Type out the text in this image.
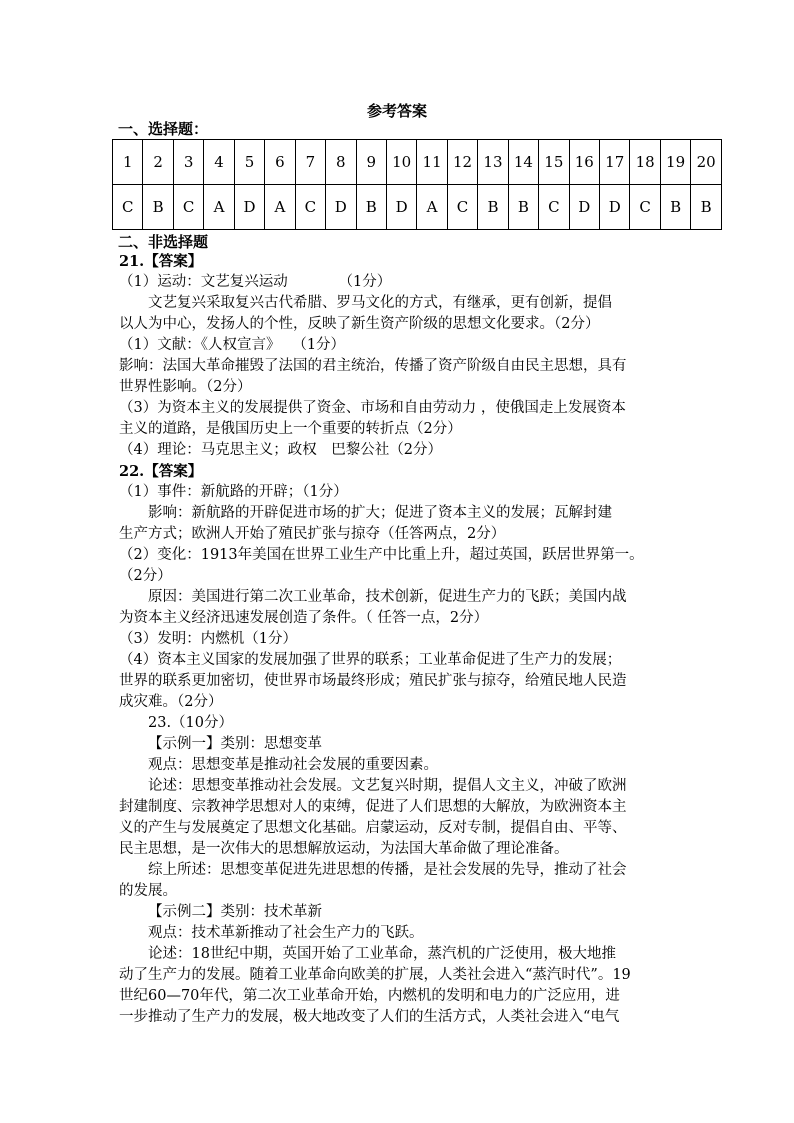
参考答案
一、选择题：
1	2	3	4	5	6	7	8	9	10	11	12	13	14	15	16	17	18	19	20
C	B	C	A	D	A	C	D	B	D	A	C	B	B	C	D	D	C	B	B
二、非选择题
21.【答案】
（1）运动：文艺复兴运动　　　　（1分）
文艺复兴采取复兴古代希腊、罗马文化的方式，有继承，更有创新，提倡
以人为中心，发扬人的个性，反映了新生资产阶级的思想文化要求。（2分）
（1）文献：《人权宣言》　 （1分）
影响：法国大革命摧毁了法国的君主统治，传播了资产阶级自由民主思想，具有
世界性影响。（2分）
（3）为资本主义的发展提供了资金、市场和自由劳动力 ，使俄国走上发展资本
主义的道路，是俄国历史上一个重要的转折点（2分）
（4）理论：马克思主义；政权　巴黎公社（2分）
22.【答案】
（1）事件：新航路的开辟；（1分）
影响：新航路的开辟促进市场的扩大；促进了资本主义的发展；瓦解封建
生产方式；欧洲人开始了殖民扩张与掠夺（任答两点，2分）
（2）变化：1913年美国在世界工业生产中比重上升，超过英国，跃居世界第一。
（2分）
原因：美国进行第二次工业革命，技术创新，促进生产力的飞跃；美国内战
为资本主义经济迅速发展创造了条件。（ 任答一点，2分）
（3）发明：内燃机（1分）
（4）资本主义国家的发展加强了世界的联系；工业革命促进了生产力的发展；
世界的联系更加密切，使世界市场最终形成；殖民扩张与掠夺，给殖民地人民造
成灾难。（2分）
23.（10分）
【示例一】类别：思想变革
观点：思想变革是推动社会发展的重要因素。
论述：思想变革推动社会发展。文艺复兴时期，提倡人文主义，冲破了欧洲
封建制度、宗教神学思想对人的束缚，促进了人们思想的大解放，为欧洲资本主
义的产生与发展奠定了思想文化基础。启蒙运动，反对专制，提倡自由、平等、
民主思想，是一次伟大的思想解放运动，为法国大革命做了理论准备。
综上所述：思想变革促进先进思想的传播，是社会发展的先导，推动了社会
的发展。
【示例二】类别：技术革新
观点：技术革新推动了社会生产力的飞跃。
论述：18世纪中期，英国开始了工业革命，蒸汽机的广泛使用，极大地推
动了生产力的发展。随着工业革命向欧美的扩展，人类社会进入“蒸汽时代”。19
世纪60—70年代，第二次工业革命开始，内燃机的发明和电力的广泛应用，进
一步推动了生产力的发展，极大地改变了人们的生活方式，人类社会进入“电气
